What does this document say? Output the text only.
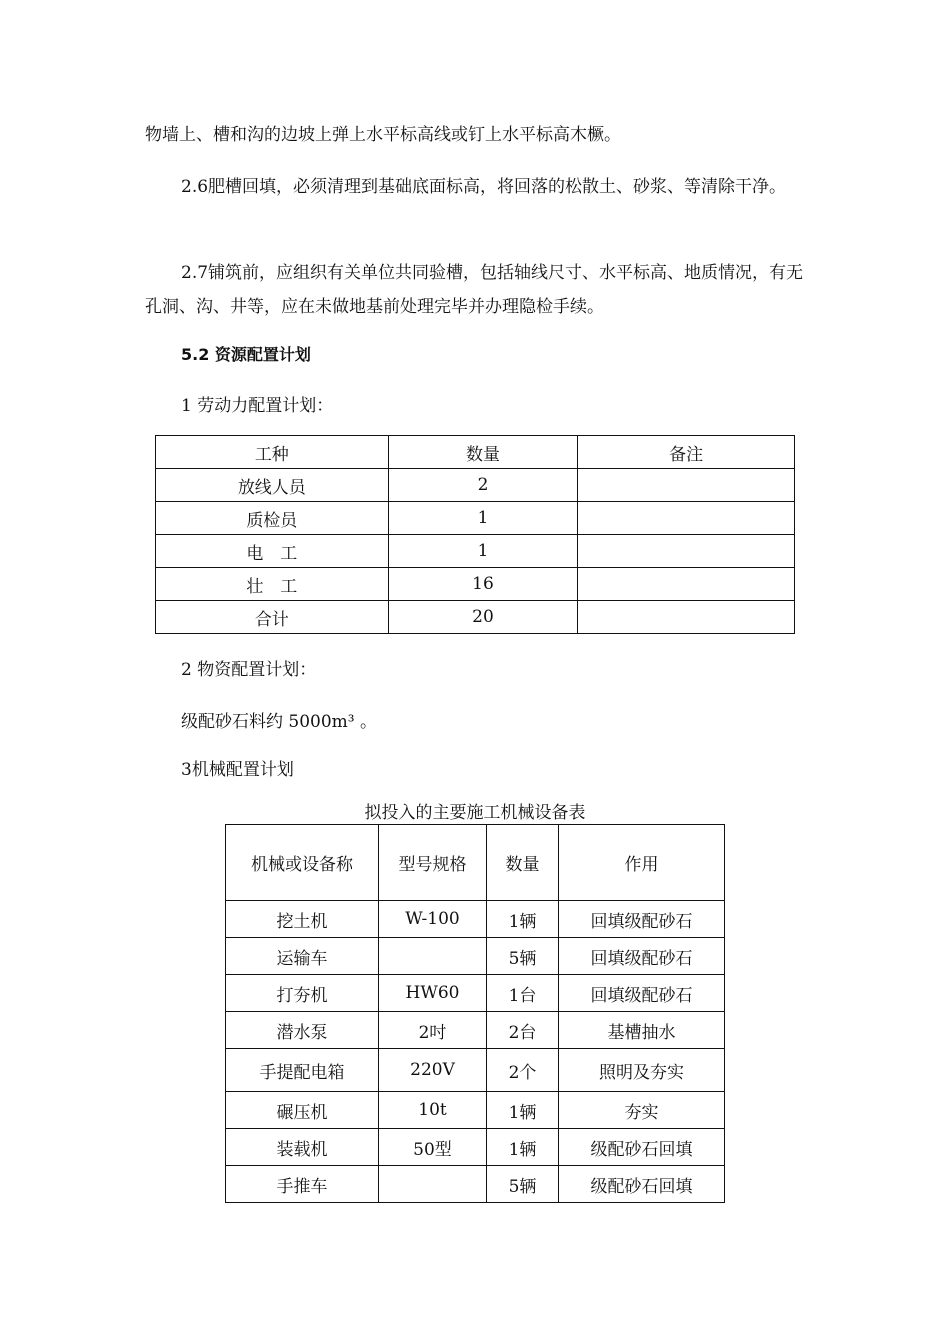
物墙上、槽和沟的边坡上弹上水平标高线或钉上水平标高木橛。

2.6肥槽回填，必须清理到基础底面标高，将回落的松散土、砂浆、等清除干净。

2.7铺筑前，应组织有关单位共同验槽，包括轴线尺寸、水平标高、地质情况，有无孔洞、沟、井等，应在未做地基前处理完毕并办理隐检手续。

5.2 资源配置计划

1 劳动力配置计划：

工种	数量	备注
放线人员	2	
质检员	1	
电　工	1	
壮　工	16	
合计	20	

2 物资配置计划：

级配砂石料约 5000m³ 。

3机械配置计划

拟投入的主要施工机械设备表
机械或设备称	型号规格	数量	作用
挖土机	W-100	1辆	回填级配砂石
运输车		5辆	回填级配砂石
打夯机	HW60	1台	回填级配砂石
潜水泵	2吋	2台	基槽抽水
手提配电箱	220V	2个	照明及夯实
碾压机	10t	1辆	夯实
装载机	50型	1辆	级配砂石回填
手推车		5辆	级配砂石回填
